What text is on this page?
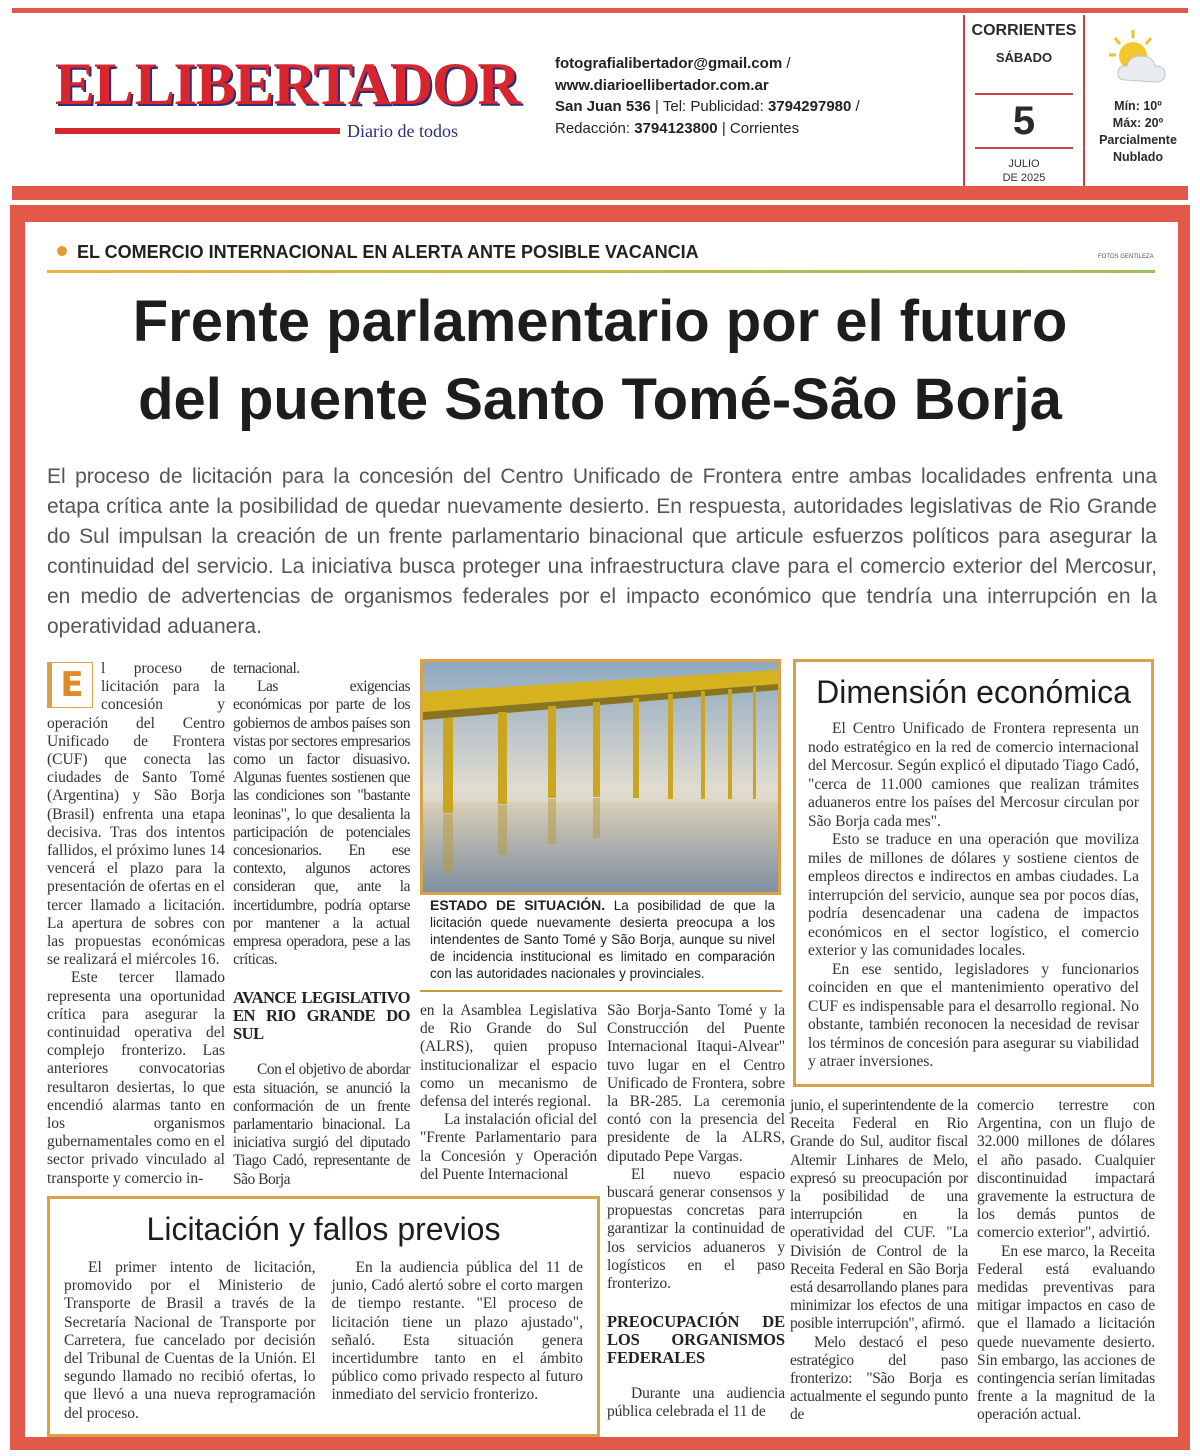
EL LIBERTADOR
Diario de todos
fotografialibertador@gmail.com /
www.diarioellibertador.com.ar
San Juan 536 | Tel: Publicidad: 3794297980 /
Redacción: 3794123800 | Corrientes
CORRIENTES
SÁBADO
5
JULIO
DE 2025
Mín: 10º
Máx: 20º
Parcialmente Nublado
EL COMERCIO INTERNACIONAL EN ALERTA ANTE POSIBLE VACANCIA	FOTOS GENTILEZA
Frente parlamentario por el futuro
del puente Santo Tomé-São Borja
El proceso de licitación para la concesión del Centro Unificado de Frontera entre ambas localidades enfrenta una etapa crítica ante la posibilidad de quedar nuevamente desierto. En respuesta, autoridades legislativas de Rio Grande do Sul impulsan la creación de un frente parlamentario binacional que articule esfuerzos políticos para asegurar la continuidad del servicio. La iniciativa busca proteger una infraestructura clave para el comercio exterior del Mercosur, en medio de advertencias de organismos federales por el impacto económico que tendría una interrupción en la operatividad aduanera.

E	l proceso de licitación para la concesión y operación del Centro Unificado de Frontera (CUF) que conecta las ciudades de Santo Tomé (Argentina) y São Borja (Brasil) enfrenta una etapa decisiva. Tras dos intentos fallidos, el próximo lunes 14 vencerá el plazo para la presentación de ofertas en el tercer llamado a licitación. La apertura de sobres con las propuestas económicas se realizará el miércoles 16.

Este tercer llamado representa una oportunidad crítica para asegurar la continuidad operativa del complejo fronterizo. Las anteriores convocatorias resultaron desiertas, lo que encendió alarmas tanto en los organismos gubernamentales como en el sector privado vinculado al transporte y comercio in-

ternacional.

Las exigencias económicas por parte de los gobiernos de ambos países son vistas por sectores empresarios como un factor disuasivo. Algunas fuentes sostienen que las condiciones son "bastante leoninas", lo que desalienta la participación de potenciales concesionarios. En ese contexto, algunos actores consideran que, ante la incertidumbre, podría optarse por mantener a la actual empresa operadora, pese a las críticas.

AVANCE LEGISLATIVO EN RIO GRANDE DO SUL

Con el objetivo de abordar esta situación, se anunció la conformación de un frente parlamentario binacional. La iniciativa surgió del diputado Tiago Cadó, representante de São Borja

ESTADO DE SITUACIÓN. La posibilidad de que la licitación quede nuevamente desierta preocupa a los intendentes de Santo Tomé y São Borja, aunque su nivel de incidencia institucional es limitado en comparación con las autoridades nacionales y provinciales.

en la Asamblea Legislativa de Rio Grande do Sul (ALRS), quien propuso institucionalizar el espacio como un mecanismo de defensa del interés regional.

La instalación oficial del "Frente Parlamentario para la Concesión y Operación del Puente Internacional

São Borja-Santo Tomé y la Construcción del Puente Internacional Itaqui-Alvear" tuvo lugar en el Centro Unificado de Frontera, sobre la BR-285. La ceremonia contó con la presencia del presidente de la ALRS, diputado Pepe Vargas.

El nuevo espacio buscará generar consensos y propuestas concretas para garantizar la continuidad de los servicios aduaneros y logísticos en el paso fronterizo.

PREOCUPACIÓN DE LOS ORGANISMOS FEDERALES

Durante una audiencia pública celebrada el 11 de

Dimensión económica

El Centro Unificado de Frontera representa un nodo estratégico en la red de comercio internacional del Mercosur. Según explicó el diputado Tiago Cadó, "cerca de 11.000 camiones que realizan trámites aduaneros entre los países del Mercosur circulan por São Borja cada mes".

Esto se traduce en una operación que moviliza miles de millones de dólares y sostiene cientos de empleos directos e indirectos en ambas ciudades. La interrupción del servicio, aunque sea por pocos días, podría desencadenar una cadena de impactos económicos en el sector logístico, el comercio exterior y las comunidades locales.

En ese sentido, legisladores y funcionarios coinciden en que el mantenimiento operativo del CUF es indispensable para el desarrollo regional. No obstante, también reconocen la necesidad de revisar los términos de concesión para asegurar su viabilidad y atraer inversiones.

junio, el superintendente de la Receita Federal en Rio Grande do Sul, auditor fiscal Altemir Linhares de Melo, expresó su preocupación por la posibilidad de una interrupción en la operatividad del CUF. "La División de Control de la Receita Federal en São Borja está desarrollando planes para minimizar los efectos de una posible interrupción", afirmó.

Melo destacó el peso estratégico del paso fronterizo: "São Borja es actualmente el segundo punto de

comercio terrestre con Argentina, con un flujo de 32.000 millones de dólares el año pasado. Cualquier discontinuidad impactará gravemente la estructura de los demás puntos de comercio exterior", advirtió.

En ese marco, la Receita Federal está evaluando medidas preventivas para mitigar impactos en caso de que el llamado a licitación quede nuevamente desierto. Sin embargo, las acciones de contingencia serían limitadas frente a la magnitud de la operación actual.

Licitación y fallos previos

El primer intento de licitación, promovido por el Ministerio de Transporte de Brasil a través de la Secretaría Nacional de Transporte por Carretera, fue cancelado por decisión del Tribunal de Cuentas de la Unión. El segundo llamado no recibió ofertas, lo que llevó a una nueva reprogramación del proceso.

En la audiencia pública del 11 de junio, Cadó alertó sobre el corto margen de tiempo restante. "El proceso de licitación tiene un plazo ajustado", señaló. Esta situación genera incertidumbre tanto en el ámbito público como privado respecto al futuro inmediato del servicio fronterizo.
